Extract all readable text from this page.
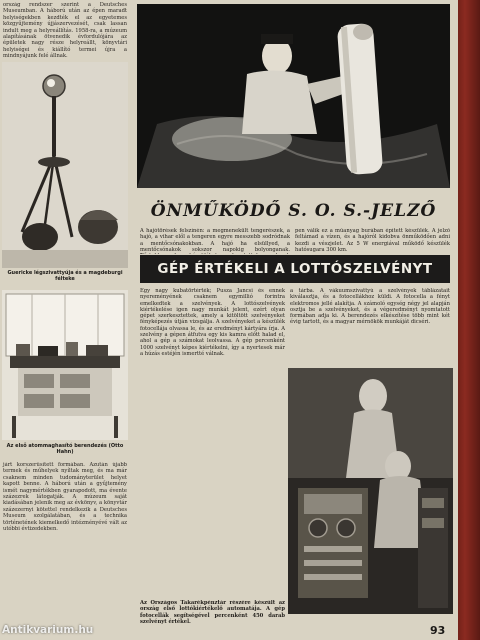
ország rendszer szerint a Deutsches Museumban. A háború után az épen maradt helyiségekben kezdték el az egyetemes közgyűjtemény újjászervezését, csak lassan indult meg a helyreállítás. 1958-ra, a múzeum alapításának ötvenedik évfordulójára az épületek nagy része helyreállt, könyvtári helyiségei és kiállító termei újra a mindnyájunk felé állnak.

Guericke légszivattyúja és a magdeburgi félteke
Az első atommaghasító berendezés (Otto Hahn)

járt korszerűsített formában. Azután újabb termek és műhelyek nyíltak meg, és ma már csaknem minden tudományterület helyet kapott benne. A háború után a gyűjtemény ismét nagymértékben gyarapodott, ma évente százezrek látogatják. A múzeum saját kiadásában jelenik meg az évkönyv, a könyvtár százezernyi kötettel rendelkezik a Deutsches Museum szolgálatában, és a technika történetének kiemelkedő intézményévé vált az utóbbi évtizedekben.

ÖNMŰKÖDŐ S. O. S.-JELZŐ

A hajótörések felszínén: a megmenekült tengerészek, a hajó, a vihar elől a tengeren egyre messzebb sodródnak a mentőcsónakokban. A hajó ha elsüllyed, a mentőcsónakok sokszor napokig bolyonganak.

pen válik ez a műanyag burában épített készülék. A jelző feltámad a vízen, és a hajóról kidobva önműködően adni kezdi a vészjelet. Az 5 W energiával működő készülék hatósugara 300 km.

GÉP ÉRTÉKELI A LOTTÓSZELVÉNYT

Egy nagy kubatörtérték; Pusza Jancsi és ennek nyereményének csaknem egymillió forintra emelkedtek a szelvények. A lottószelvények kiértékelése igen nagy munkát jelent, ezért olyan gépet szerkesztettek, amely a kitöltött szelvényeket fényképezés útján vizsgálja. A szelvényeket a készülék fotocellája olvassa le, és az eredményt kártyára írja. A szelvény a gépen átfutva egy kis kamra előtt halad el, ahol a gép a számokat leolvassa. A gép percenként 1000 szelvényt képes kiértékelni, így a nyertesek már a húzás estéjén ismertté válnak.

a tárba. A vákuumszivattyú a szelvények táblázatait kiválasztja, és a fotocellákhoz küldi. A fotocella a fényt elektromos jellé alakítja. A számoló egység négy jel alapján osztja be a szelvényeket, és a végeredményt nyomtatott formában adja ki. A berendezés elkészítése több mint két évig tartott, és a magyar mérnökök munkáját dicséri.

Az Országos Takarékpénztár részére készült az ország első lottókiértékelő automatája. A gép fotocellák segítségével percenként 450 darab szelvényt értékel.

93
Antikvarium.hu
